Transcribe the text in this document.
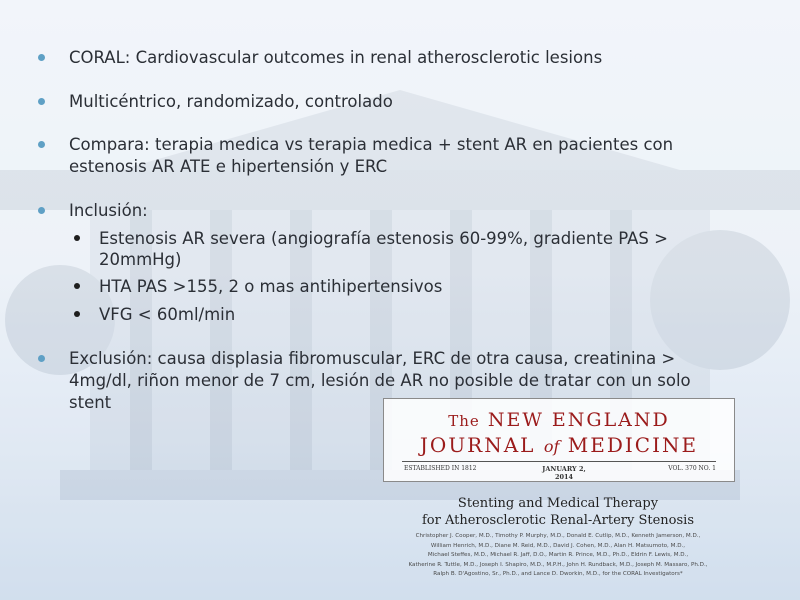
CORAL: Cardiovascular outcomes in renal atherosclerotic lesions
Multicéntrico, randomizado, controlado
Compara: terapia medica vs terapia medica + stent AR en pacientes con
estenosis AR ATE e hipertensión y ERC
Inclusión:
Estenosis AR severa (angiografía estenosis 60-99%, gradiente PAS >
20mmHg)
HTA PAS >155, 2 o mas antihipertensivos
VFG < 60ml/min
Exclusión: causa displasia fibromuscular, ERC de otra causa, creatinina >
4mg/dl, riñon menor de 7 cm, lesión de AR no posible de tratar con un solo
stent
The NEW ENGLAND
JOURNAL of MEDICINE
ESTABLISHED IN 1812	JANUARY 2, 2014
VOL. 370 NO. 1
Stenting and Medical Therapy
for Atherosclerotic Renal-Artery Stenosis
Christopher J. Cooper, M.D., Timothy P. Murphy, M.D., Donald E. Cutlip, M.D., Kenneth Jamerson, M.D.,
William Henrich, M.D., Diane M. Reid, M.D., David J. Cohen, M.D., Alan H. Matsumoto, M.D.,
Michael Steffes, M.D., Michael R. Jaff, D.O., Martin R. Prince, M.D., Ph.D., Eldrin F. Lewis, M.D.,
Katherine R. Tuttle, M.D., Joseph I. Shapiro, M.D., M.P.H., John H. Rundback, M.D., Joseph M. Massaro, Ph.D.,
Ralph B. D'Agostino, Sr., Ph.D., and Lance D. Dworkin, M.D., for the CORAL Investigators*
